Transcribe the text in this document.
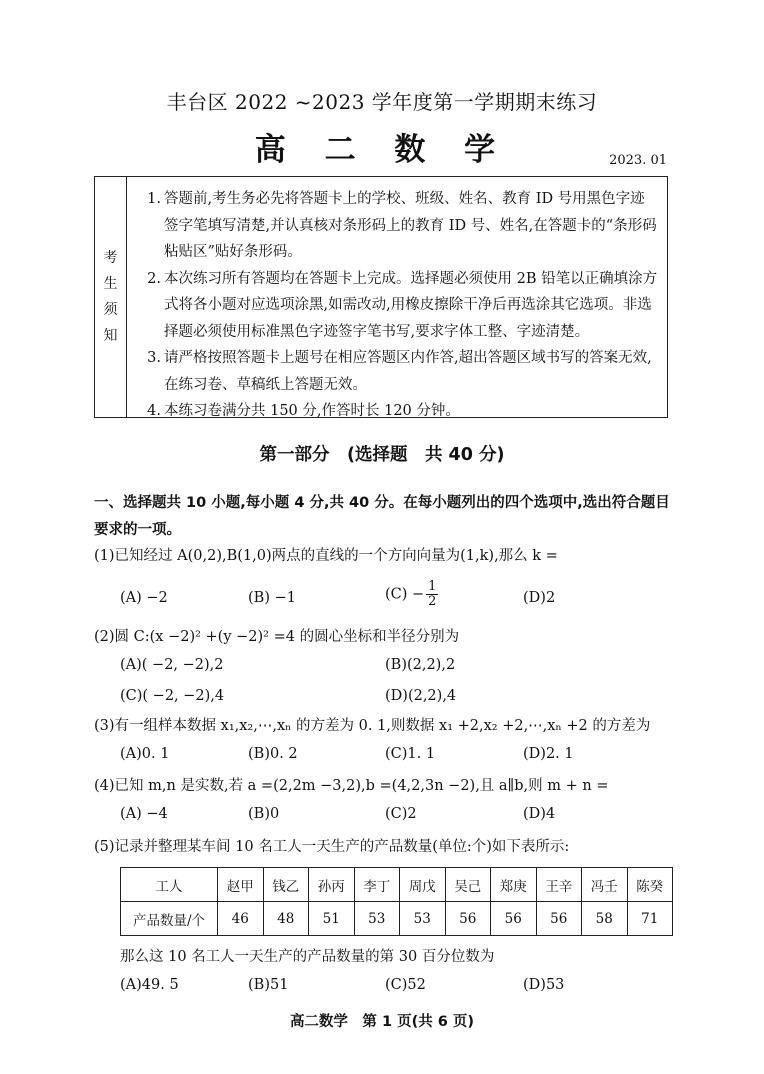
丰台区 2022 ~2023 学年度第一学期期末练习
高 二 数 学	2023. 01
考
生
须
知
1. 答题前,考生务必先将答题卡上的学校、班级、姓名、教育 ID 号用黑色字迹签字笔填写清楚,并认真核对条形码上的教育 ID 号、姓名,在答题卡的“条形码粘贴区”贴好条形码。
2. 本次练习所有答题均在答题卡上完成。选择题必须使用 2B 铅笔以正确填涂方式将各小题对应选项涂黑,如需改动,用橡皮擦除干净后再选涂其它选项。非选择题必须使用标准黑色字迹签字笔书写,要求字体工整、字迹清楚。
3. 请严格按照答题卡上题号在相应答题区内作答,超出答题区域书写的答案无效,在练习卷、草稿纸上答题无效。
4. 本练习卷满分共 150 分,作答时长 120 分钟。
第一部分　(选择题　共 40 分)
一、选择题共 10 小题,每小题 4 分,共 40 分。在每小题列出的四个选项中,选出符合题目要求的一项。
(1)已知经过 A(0,2),B(1,0)两点的直线的一个方向向量为(1,k),那么 k =
(A) −2	(B) −1	$(C) - \frac{1}{2}$	(D)2
(2)圆 C:(x −2)² +(y −2)² =4 的圆心坐标和半径分别为
(A)( −2, −2),2	(B)(2,2),2
(C)( −2, −2),4	(D)(2,2),4
(3)有一组样本数据 x₁,x₂,⋯,xₙ 的方差为 0. 1,则数据 x₁ +2,x₂ +2,⋯,xₙ +2 的方差为
(A)0. 1	(B)0. 2	(C)1. 1	(D)2. 1
(4)已知 m,n 是实数,若 a =(2,2m −3,2),b =(4,2,3n −2),且 a∥b,则 m + n =
(A) −4	(B)0	(C)2	(D)4
(5)记录并整理某车间 10 名工人一天生产的产品数量(单位:个)如下表所示:
工人	赵甲	钱乙	孙丙	李丁	周戊	吴己	郑庚	王辛	冯壬	陈癸
产品数量/个	46	48	51	53	53	56	56	56	58	71
那么这 10 名工人一天生产的产品数量的第 30 百分位数为
(A)49. 5	(B)51	(C)52	(D)53
高二数学　第 1 页(共 6 页)
